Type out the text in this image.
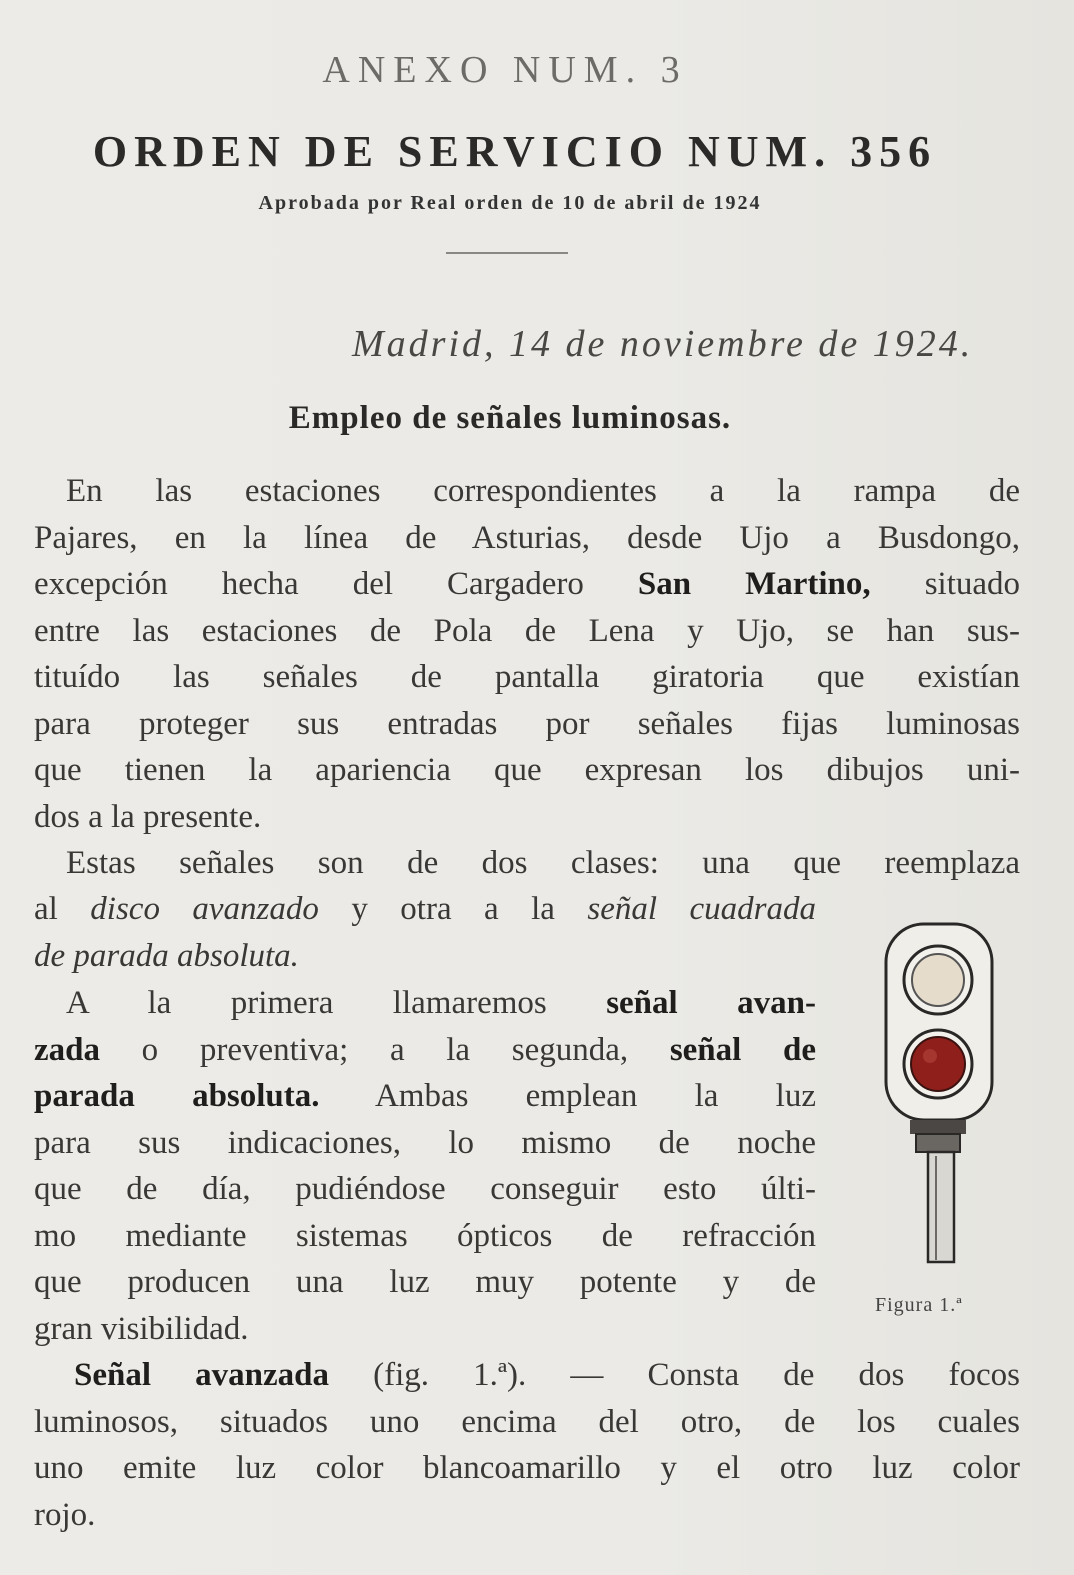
ANEXO NUM. 3
ORDEN DE SERVICIO NUM. 356
Aprobada por Real orden de 10 de abril de 1924
Madrid, 14 de noviembre de 1924.
Empleo de señales luminosas.
En las estaciones correspondientes a la rampa de
Pajares, en la línea de Asturias, desde Ujo a Busdongo,
excepción hecha del Cargadero San Martino, situado
entre las estaciones de Pola de Lena y Ujo, se han sus-
tituído las señales de pantalla giratoria que existían
para proteger sus entradas por señales fijas luminosas
que tienen la apariencia que expresan los dibujos uni-
dos a la presente.
Estas señales son de dos clases: una que reemplaza
al disco avanzado y otra a la señal cuadrada
de parada absoluta.
A la primera llamaremos señal avan-
zada o preventiva; a la segunda, señal de
parada absoluta. Ambas emplean la luz
para sus indicaciones, lo mismo de noche
que de día, pudiéndose conseguir esto últi-
mo mediante sistemas ópticos de refracción
que producen una luz muy potente y de
gran visibilidad.
Señal avanzada (fig. 1.ª). — Consta de dos focos
luminosos, situados uno encima del otro, de los cuales
uno emite luz color blancoamarillo y el otro luz color
rojo.
Figura 1.ª
